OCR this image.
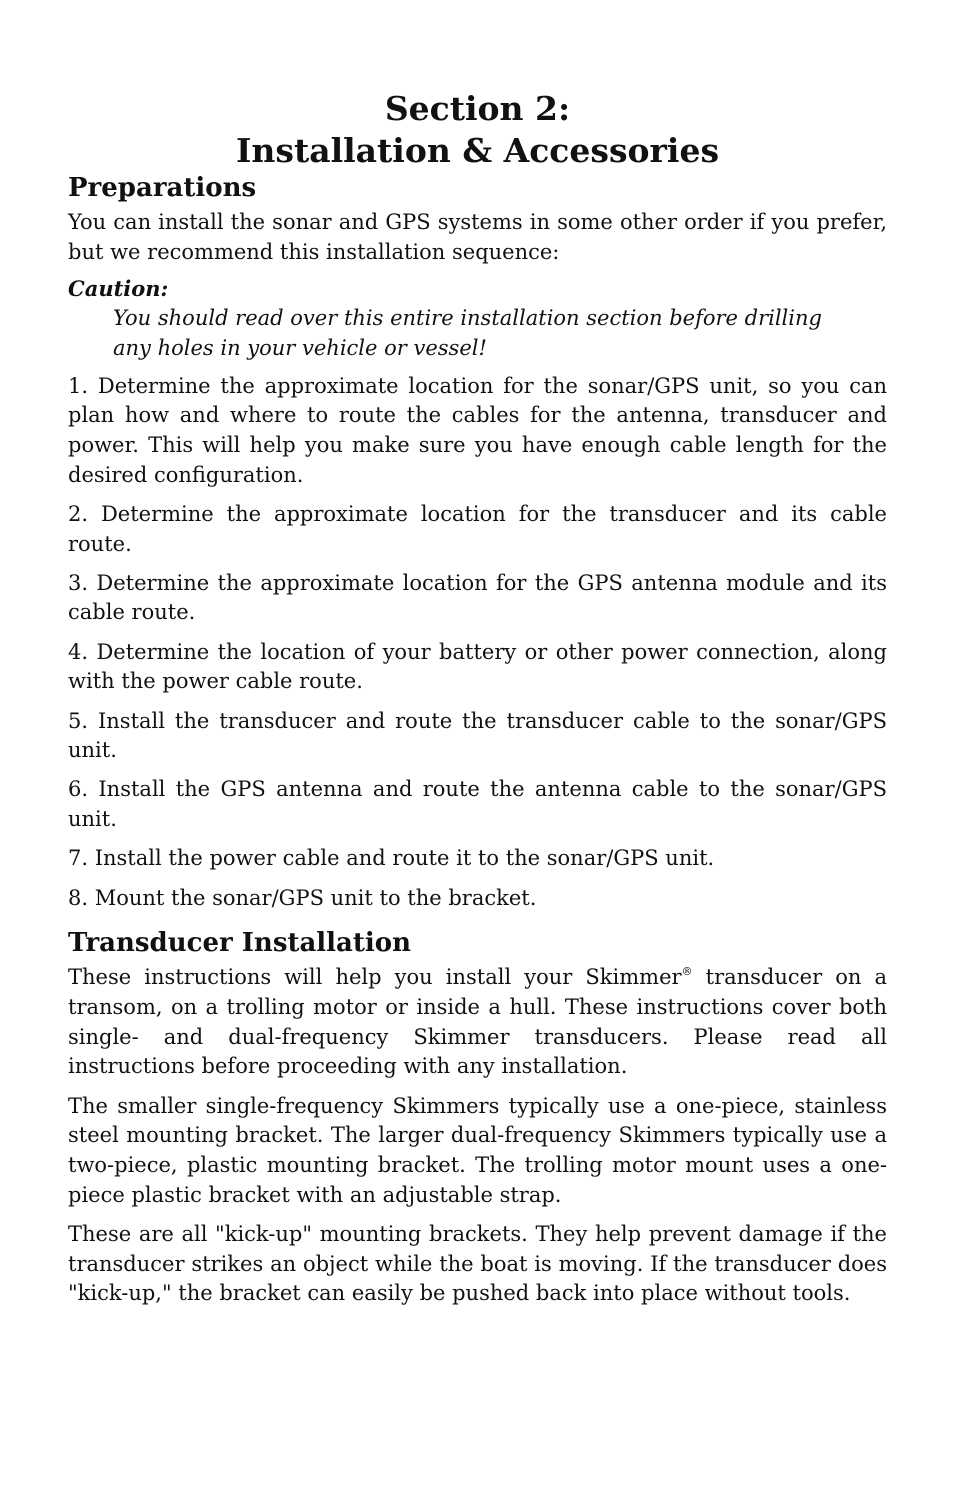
Section 2:
Installation & Accessories
Preparations

You can install the sonar and GPS systems in some other order if you prefer, but we recommend this installation sequence:

Caution:

You should read over this entire installation section before drilling any holes in your vehicle or vessel!

1. Determine the approximate location for the sonar/GPS unit, so you can plan how and where to route the cables for the antenna, transducer and power. This will help you make sure you have enough cable length for the desired configuration.

2. Determine the approximate location for the transducer and its cable route.

3. Determine the approximate location for the GPS antenna module and its cable route.

4. Determine the location of your battery or other power connection, along with the power cable route.

5. Install the transducer and route the transducer cable to the sonar/GPS unit.

6. Install the GPS antenna and route the antenna cable to the sonar/GPS unit.

7. Install the power cable and route it to the sonar/GPS unit.

8. Mount the sonar/GPS unit to the bracket.

Transducer Installation

These instructions will help you install your Skimmer® transducer on a transom, on a trolling motor or inside a hull. These instructions cover both single- and dual-frequency Skimmer transducers. Please read all instructions before proceeding with any installation.

The smaller single-frequency Skimmers typically use a one-piece, stainless steel mounting bracket. The larger dual-frequency Skimmers typically use a two-piece, plastic mounting bracket. The trolling motor mount uses a one-piece plastic bracket with an adjustable strap.

These are all "kick-up" mounting brackets. They help prevent damage if the transducer strikes an object while the boat is moving. If the transducer does "kick-up," the bracket can easily be pushed back into place without tools.
